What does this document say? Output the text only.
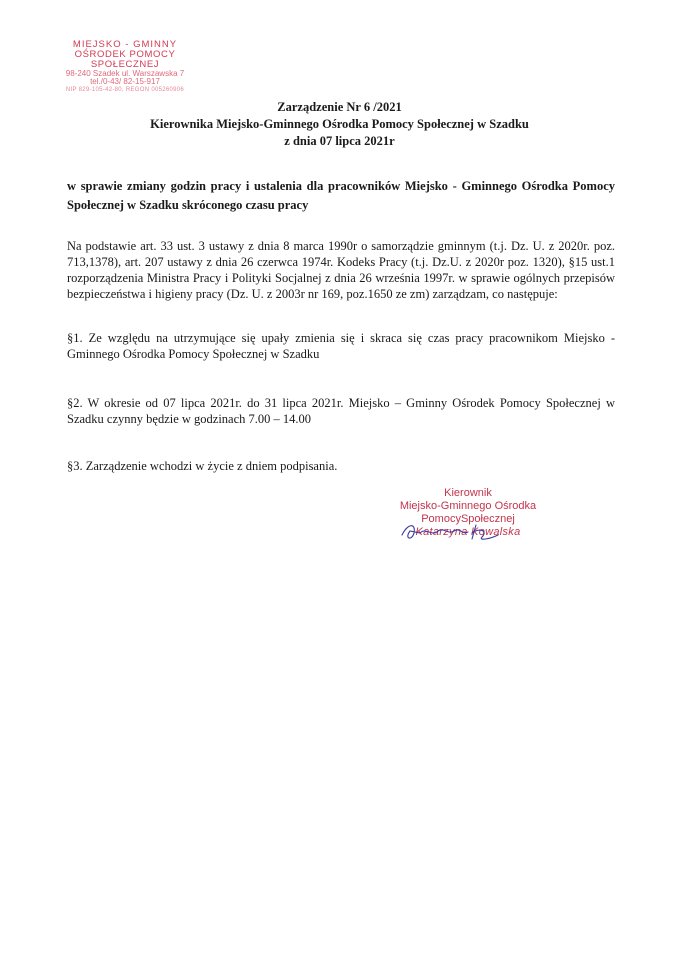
MIEJSKO - GMINNY
OŚRODEK POMOCY SPOŁECZNEJ
98-240 Szadek ul. Warszawska 7
tel./0-43/ 82-15-917
NIP 829-105-42-80, REGON 005260906
Zarządzenie Nr 6 /2021
Kierownika Miejsko-Gminnego Ośrodka Pomocy Społecznej w Szadku
z dnia 07 lipca 2021r
w sprawie zmiany godzin pracy i ustalenia dla pracowników Miejsko - Gminnego Ośrodka Pomocy Społecznej w Szadku skróconego czasu pracy
Na podstawie art. 33 ust. 3 ustawy z dnia 8 marca 1990r o samorządzie gminnym (t.j. Dz. U. z 2020r. poz. 713,1378), art. 207 ustawy z dnia 26 czerwca 1974r. Kodeks Pracy (t.j. Dz.U. z 2020r poz. 1320), §15 ust.1 rozporządzenia Ministra Pracy i Polityki Socjalnej z dnia 26 września 1997r. w sprawie ogólnych przepisów bezpieczeństwa i higieny pracy (Dz. U. z 2003r nr 169, poz.1650 ze zm) zarządzam, co następuje:
§1. Ze względu na utrzymujące się upały zmienia się i skraca się czas pracy pracownikom Miejsko - Gminnego Ośrodka Pomocy Społecznej w Szadku
§2. W okresie od 07 lipca 2021r. do 31 lipca 2021r. Miejsko – Gminny Ośrodek Pomocy Społecznej w Szadku czynny będzie w godzinach 7.00 – 14.00
§3. Zarządzenie wchodzi w życie z dniem podpisania.
Kierownik
Miejsko-Gminnego Ośrodka
PomocySpołecznej
Katarzyna Kowalska
